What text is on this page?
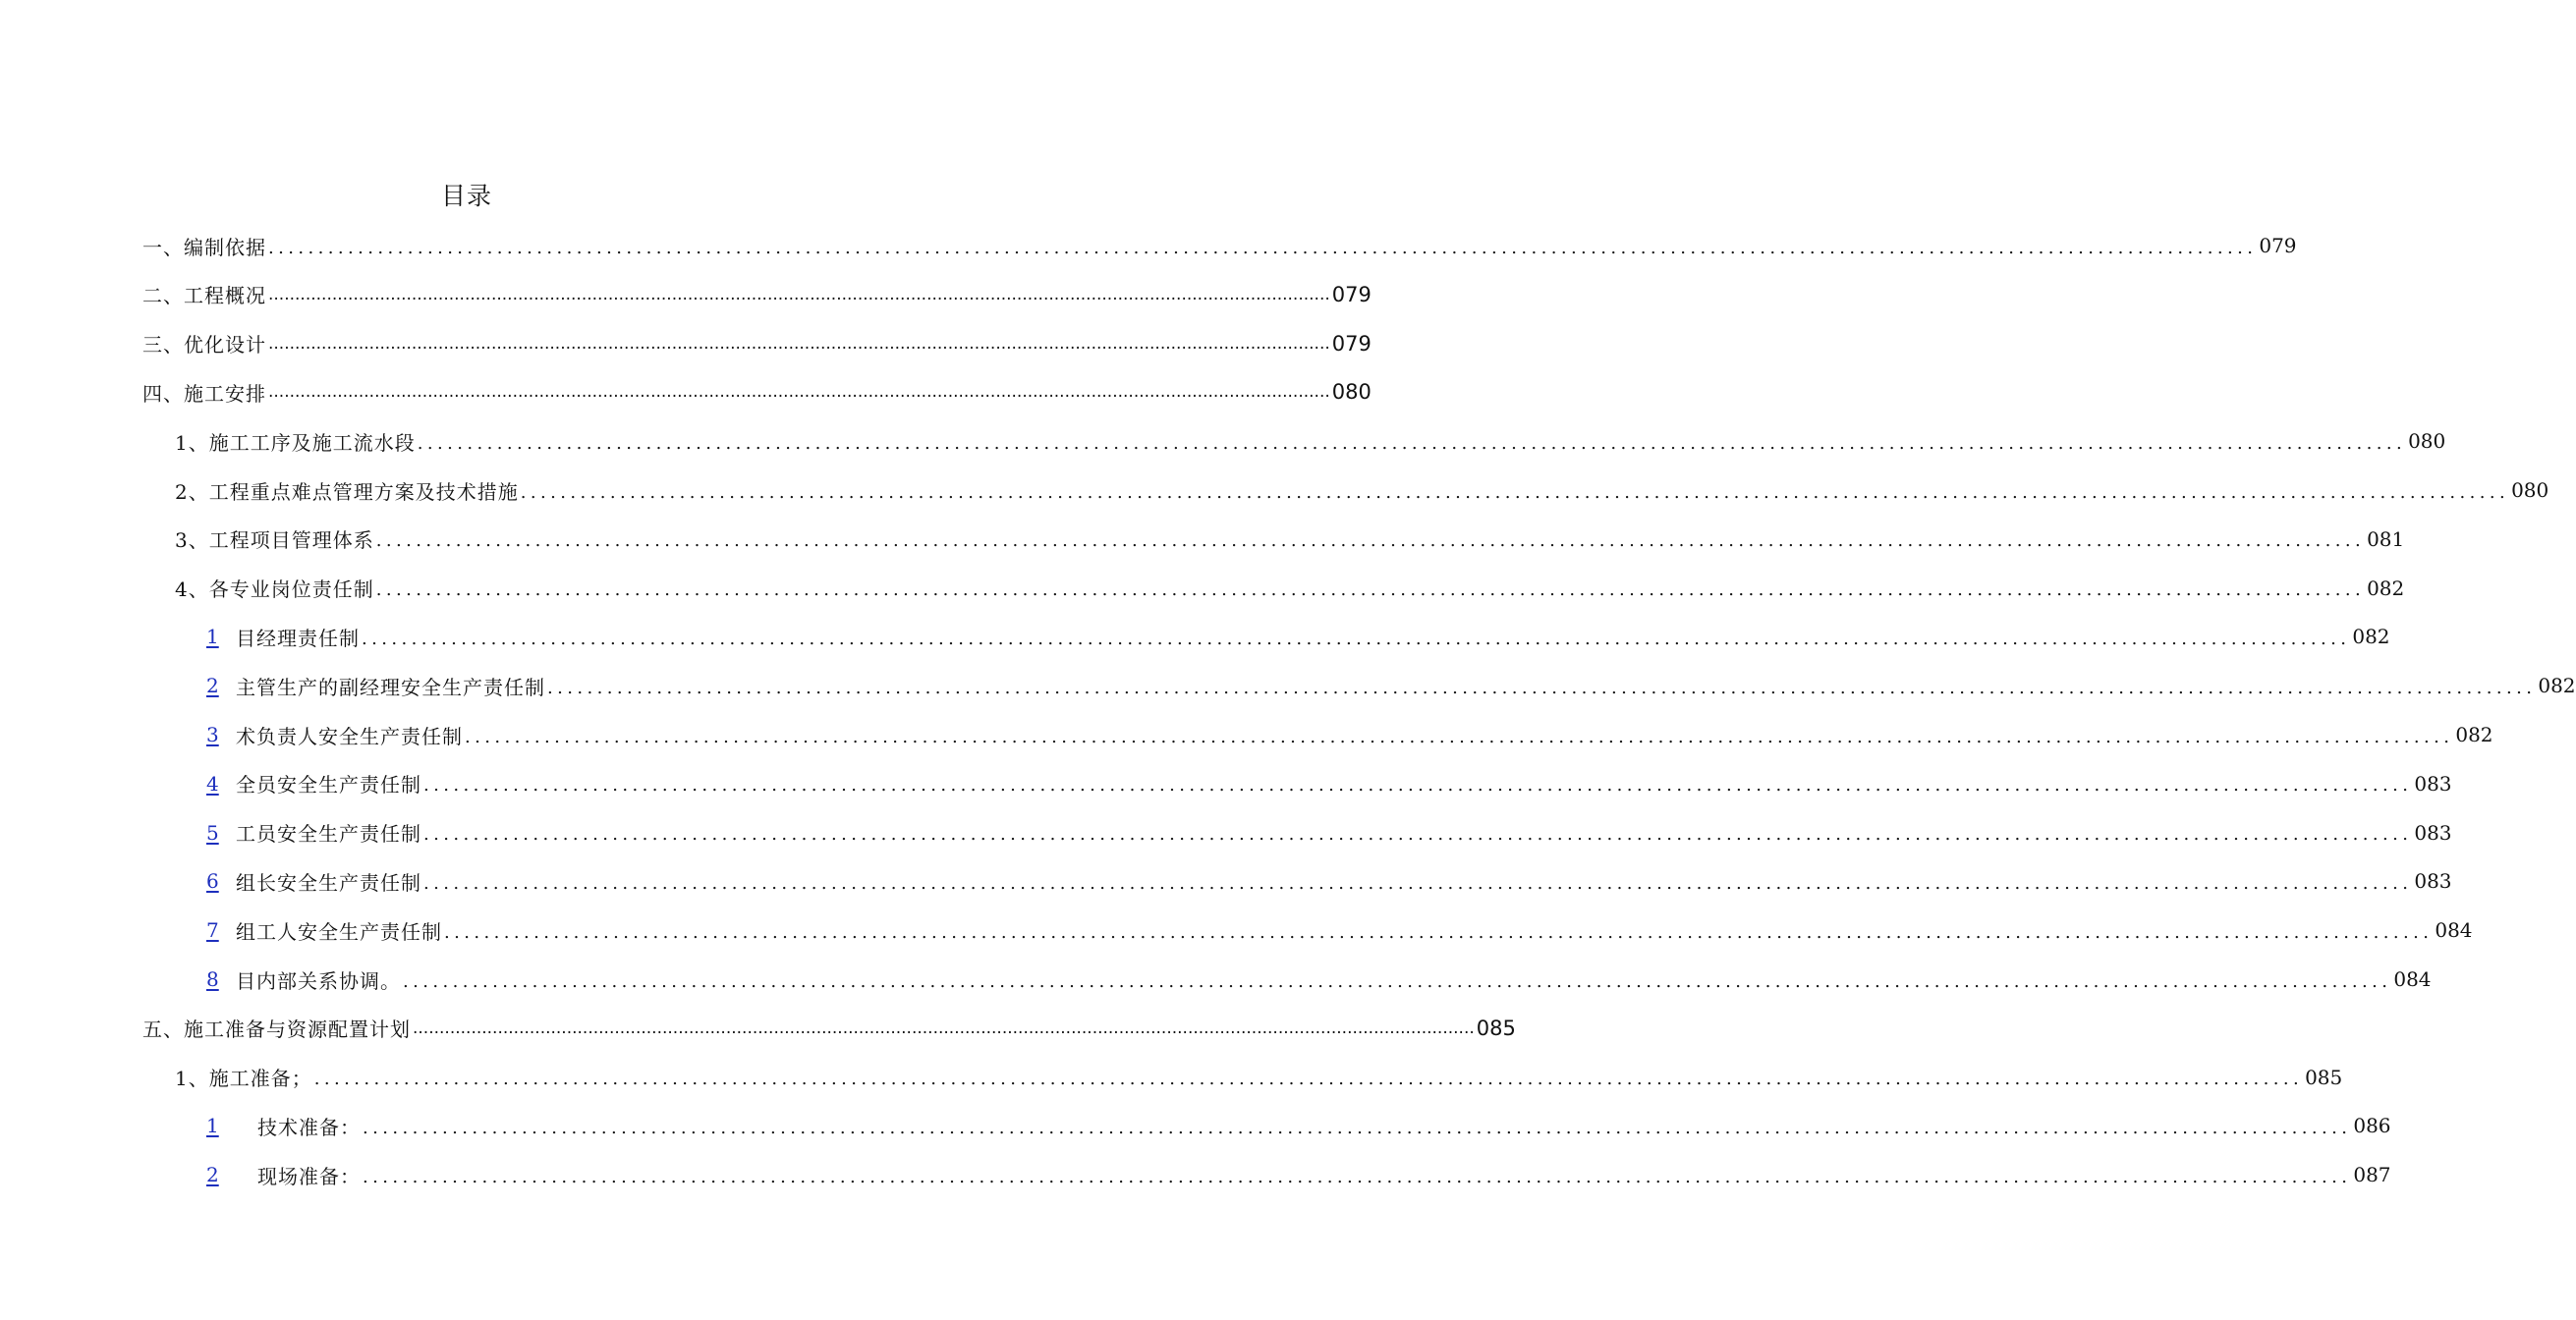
目录
一、编制依据 ........................................................................................................................................................................................................ 079
二、工程概况 ........................................................................................................................................................................................................ 079
三、优化设计 ........................................................................................................................................................................................................ 079
四、施工安排 ........................................................................................................................................................................................................ 080
1、施工工序及施工流水段 ........................................................................................................................................................................................................ 080
2、工程重点难点管理方案及技术措施 ........................................................................................................................................................................................................ 080
3、工程项目管理体系 ........................................................................................................................................................................................................ 081
4、各专业岗位责任制 ........................................................................................................................................................................................................ 082
1 目经理责任制 ........................................................................................................................................................................................................ 082
2 主管生产的副经理安全生产责任制 ........................................................................................................................................................................................................ 082
3 术负责人安全生产责任制 ........................................................................................................................................................................................................ 082
4 全员安全生产责任制 ........................................................................................................................................................................................................ 083
5 工员安全生产责任制 ........................................................................................................................................................................................................ 083
6 组长安全生产责任制 ........................................................................................................................................................................................................ 083
7 组工人安全生产责任制 ........................................................................................................................................................................................................ 084
8 目内部关系协调。 ........................................................................................................................................................................................................ 084
五、施工准备与资源配置计划 ........................................................................................................................................................................................................ 085
1、施工准备； ........................................................................................................................................................................................................ 085
1	技术准备： ........................................................................................................................................................................................................ 086
2	现场准备： ........................................................................................................................................................................................................ 087
